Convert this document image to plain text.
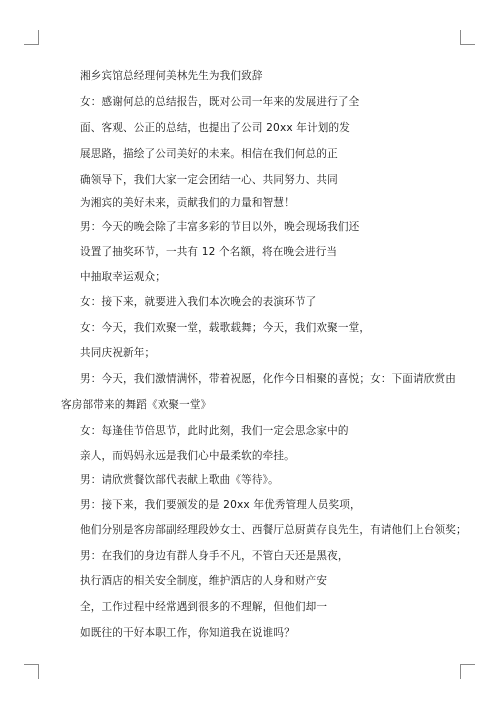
湘乡宾馆总经理何美林先生为我们致辞
女：感谢何总的总结报告，既对公司一年来的发展进行了全
面、客观、公正的总结，也提出了公司 20xx 年计划的发
展思路，描绘了公司美好的未来。相信在我们何总的正
确领导下，我们大家一定会团结一心、共同努力、共同
为湘宾的美好未来，贡献我们的力量和智慧！
男：今天的晚会除了丰富多彩的节目以外，晚会现场我们还
设置了抽奖环节，一共有 12 个名额，将在晚会进行当
中抽取幸运观众；
女：接下来，就要进入我们本次晚会的表演环节了
女：今天，我们欢聚一堂，载歌载舞；今天，我们欢聚一堂，
共同庆祝新年；
男：今天，我们激情满怀，带着祝愿，化作今日相聚的喜悦；女：下面请欣赏由
客房部带来的舞蹈《欢聚一堂》
女：每逢佳节倍思节，此时此刻，我们一定会思念家中的
亲人，而妈妈永远是我们心中最柔软的牵挂。
男：请欣赏餐饮部代表献上歌曲《等待》。
男：接下来，我们要颁发的是 20xx 年优秀管理人员奖项，
他们分别是客房部副经理段妙女士、西餐厅总厨黄存良先生，有请他们上台领奖；
男：在我们的身边有群人身手不凡，不管白天还是黑夜，
执行酒店的相关安全制度，维护酒店的人身和财产安
全，工作过程中经常遇到很多的不理解，但他们却一
如既往的干好本职工作，你知道我在说谁吗？
